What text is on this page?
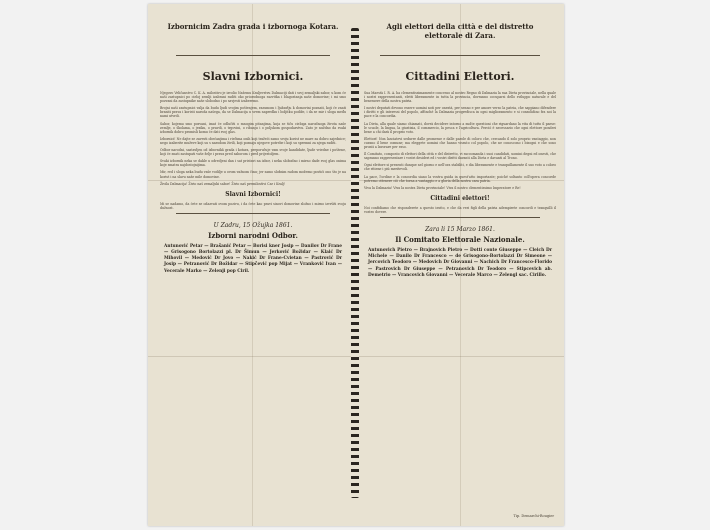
Izbornicim Zadra grada i izbornoga Kotara.
Slavni Izbornici.

Njegovo Veličanstvo C. K. A. milostivo je izvolio Našemu Kraljevstvu Dalmaciji dati i svoj zemaljski sabor, u kom će naši zastupnici po cieloj zemlji izabrani raditi oko priorodnoga razvitka i blagostanja naše domovine; i mi smo pozvani da zastupnike naše slobodno i po savjesti izaberemo.

Brojni naši zastupnici valja da budu ljudi svojim poštenjem, razumom i ljubavlju k domovini poznati, koji će znati braniti prava i koristi naroda našega, da se Dalmacija u svem napredku i boljitku podiže, i da se mir i sloga među nami utvrdi.

Sabor, kojemu smo pozvani, imat će odlučiti o mnogim pitanjima, koja se tiču cieloga narodnoga života naše zemlje, o školama, o jeziku, o pravdi, o trgovini, o ribanju i o poljskom gospodarstvu. Zato je nuždno da svaki izbornik dobro promisli komu će dati svoj glas.

Izbornici! Ne dajte se zavesti obećanjima i riečima onih koji tražeći samo svoju korist ne mare za dobro zajednice; nego izaberite muževe koji su s narodom živili, koji poznaju njegove potrebe i koji su spremni za njega raditi.

Odbor narodni, sastavljen od izbornikâ grada i kotara, preporučuje vam svoje kandidate, ljude vriedne i poštene, koji će znati zastupati vaše želje i prava pred saborom i pred prijestoljem.

Svaki izbornik neka se dakle u odredjeni dan i sat pristavi na izbor, i neka slobodno i mirno dade svoj glas onima koje smatra najdostojnijima.

Mir, red i sloga neka budu vaše vodilje u ovom važnom činu; jer samo složnim radom možemo postići ono što je na korist i na slavu naše mile domovine.

Živila Dalmacija! Živio naš zemaljski sabor! Živio naš premilostivi Car i Kralj!

Slavni Izbornici!

Mi se nadamo, da ćete se odazvati ovom pozivu, i da ćete kao pravi sinovi domovine složno i mirno izvršiti svoju dužnost.

U Zadru, 15 Ožujka 1861.
Izborni narodni Odbor.
Antunović Petar — Brašanić Petar — Borisi kner Josip — Danilov Dr Frane — Grisogono Bortolazzi pl. Dr Šimun — Jerković Božidar — Klaić Dr Mihovil — Medović Dr Jovo — Nakić Dr Frane-Cvietan — Pastrović Dr Josip — Petranović Dr Božidar — Stipčević pop Mijat — Vranković Ivan — Vecerale Marko — Zelenji pop Ciril.
Agli elettori della città e del distretto elettorale di Zara.
Cittadini Elettori.

Sua Maestà I. R. A. ha clementissimamente concesso al nostro Regno di Dalmazia la sua Dieta provinciale, nella quale i nostri rappresentanti, eletti liberamente in tutta la provincia, dovranno occuparsi dello sviluppo naturale e del benessere della nostra patria.

I nostri deputati devono essere uomini noti per onestà, per senno e per amore verso la patria, che sappiano difendere i diritti e gli interessi del popolo, affinché la Dalmazia progredisca in ogni miglioramento e si consolidino fra noi la pace e la concordia.

La Dieta, alla quale siamo chiamati, dovrà decidere intorno a molte questioni che riguardano la vita di tutto il paese: le scuole, la lingua, la giustizia, il commercio, la pesca e l'agricoltura. Perciò è necessario che ogni elettore ponderi bene a chi darà il proprio voto.

Elettori! Non lasciatevi sedurre dalle promesse e dalle parole di coloro che, cercando il solo proprio vantaggio, non curano il bene comune; ma eleggete uomini che hanno vissuto col popolo, che ne conoscono i bisogni e che sono pronti a lavorare per esso.

Il Comitato, composto di elettori della città e del distretto, vi raccomanda i suoi candidati, uomini degni ed onesti, che sapranno rappresentare i vostri desideri ed i vostri diritti davanti alla Dieta e davanti al Trono.

Ogni elettore si presenti dunque nel giorno e nell'ora stabiliti, e dia liberamente e tranquillamente il suo voto a coloro che ritiene i più meritevoli.

La pace, l'ordine e la concordia siano la vostra guida in quest'atto importante; poiché soltanto coll'opera concorde potremo ottenere ciò che torna a vantaggio e a gloria della nostra cara patria.

Viva la Dalmazia! Viva la nostra Dieta provinciale! Viva il nostro clementissimo Imperatore e Re!

Cittadini elettori!

Noi confidiamo che risponderete a questo invito, e che da veri figli della patria adempirete concordi e tranquilli il vostro dovere.

Zara li 15 Marzo 1861.
Il Comitato Elettorale Nazionale.
Antunovich Pietro — Brajnovich Pietro — Dotti conte Giuseppe — Cleich Dr Michele — Danilo Dr Francesco — de Grisogono-Bortolazzi Dr Simeone — Jercovich Teodoro — Medovich Dr Giovanni — Nachich Dr Francesco-Florido — Pastrovich Dr Giuseppe — Petranovich Dr Teodoro — Stipcevich ab. Demetrio — Vrancovich Giovanni — Vecerale Marco — Zelengl sac. Cirillo.
Tip. Demarchi-Rougier
